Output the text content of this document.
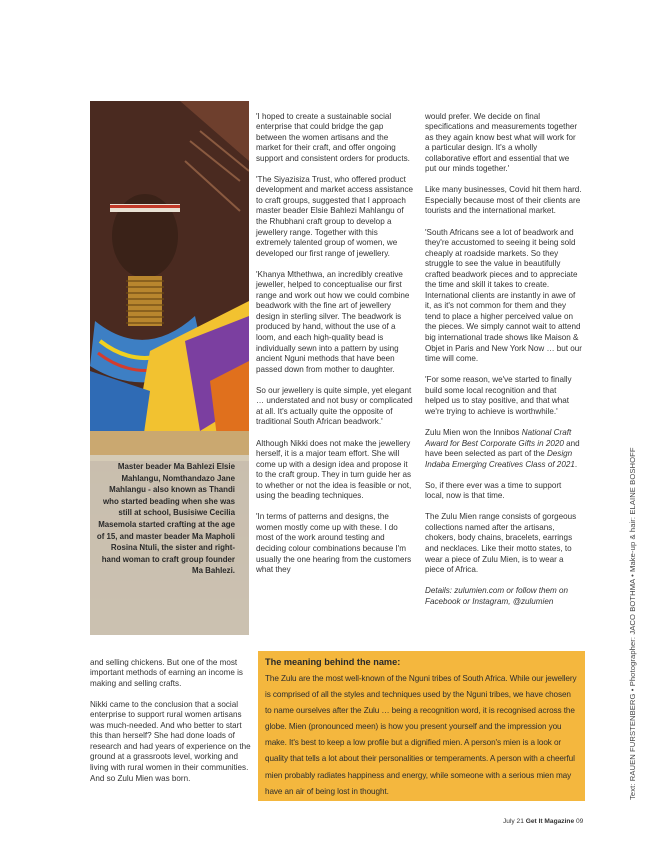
Master beader Ma Bahlezi Elsie Mahlangu, Nomthandazo Jane Mahlangu - also known as Thandi who started beading when she was still at school, Busisiwe Cecilia Masemola started crafting at the age of 15, and master beader Ma Mapholi Rosina Ntuli, the sister and right-hand woman to craft group founder Ma Bahlezi.

'I hoped to create a sustainable social enterprise that could bridge the gap between the women artisans and the market for their craft, and offer ongoing support and consistent orders for products.

'The Siyazisiza Trust, who offered product development and market access assistance to craft groups, suggested that I approach master beader Elsie Bahlezi Mahlangu of the Rhubhani craft group to develop a jewellery range. Together with this extremely talented group of women, we developed our first range of jewellery.

'Khanya Mthethwa, an incredibly creative jeweller, helped to conceptualise our first range and work out how we could combine beadwork with the fine art of jewellery design in sterling silver. The beadwork is produced by hand, without the use of a loom, and each high-quality bead is individually sewn into a pattern by using ancient Nguni methods that have been passed down from mother to daughter.

So our jewellery is quite simple, yet elegant … understated and not busy or complicated at all. It's actually quite the opposite of traditional South African beadwork.'

Although Nikki does not make the jewellery herself, it is a major team effort. She will come up with a design idea and propose it to the craft group. They in turn guide her as to whether or not the idea is feasible or not, using the beading techniques.

'In terms of patterns and designs, the women mostly come up with these. I do most of the work around testing and deciding colour combinations because I'm usually the one hearing from the customers what they

would prefer. We decide on final specifications and measurements together as they again know best what will work for a particular design. It's a wholly collaborative effort and essential that we put our minds together.'

Like many businesses, Covid hit them hard. Especially because most of their clients are tourists and the international market.

'South Africans see a lot of beadwork and they're accustomed to seeing it being sold cheaply at roadside markets. So they struggle to see the value in beautifully crafted beadwork pieces and to appreciate the time and skill it takes to create. International clients are instantly in awe of it, as it's not common for them and they tend to place a higher perceived value on the pieces. We simply cannot wait to attend big international trade shows like Maison & Objet in Paris and New York Now … but our time will come.

'For some reason, we've started to finally build some local recognition and that helped us to stay positive, and that what we're trying to achieve is worthwhile.'

Zulu Mien won the Innibos National Craft Award for Best Corporate Gifts in 2020 and have been selected as part of the Design Indaba Emerging Creatives Class of 2021.

So, if there ever was a time to support local, now is that time.

The Zulu Mien range consists of gorgeous collections named after the artisans, chokers, body chains, bracelets, earrings and necklaces. Like their motto states, to wear a piece of Zulu Mien, is to wear a piece of Africa.

Details: zulumien.com or follow them on Facebook or Instagram, @zulumien

and selling chickens. But one of the most important methods of earning an income is making and selling crafts.

Nikki came to the conclusion that a social enterprise to support rural women artisans was much-needed. And who better to start this than herself? She had done loads of research and had years of experience on the ground at a grassroots level, working and living with rural women in their communities. And so Zulu Mien was born.

The meaning behind the name:
The Zulu are the most well-known of the Nguni tribes of South Africa. While our jewellery is comprised of all the styles and techniques used by the Nguni tribes, we have chosen to name ourselves after the Zulu … being a recognition word, it is recognised across the globe. Mien (pronounced meen) is how you present yourself and the impression you make. It's best to keep a low profile but a dignified mien. A person's mien is a look or quality that tells a lot about their personalities or temperaments. A person with a cheerful mien probably radiates happiness and energy, while someone with a serious mien may have an air of being lost in thought.	Text: RAUEN FURSTENBERG • Photographer: JACO BOTHMA • Make-up & hair: ELAINE BOSHOFF
July 21 Get It Magazine 09
